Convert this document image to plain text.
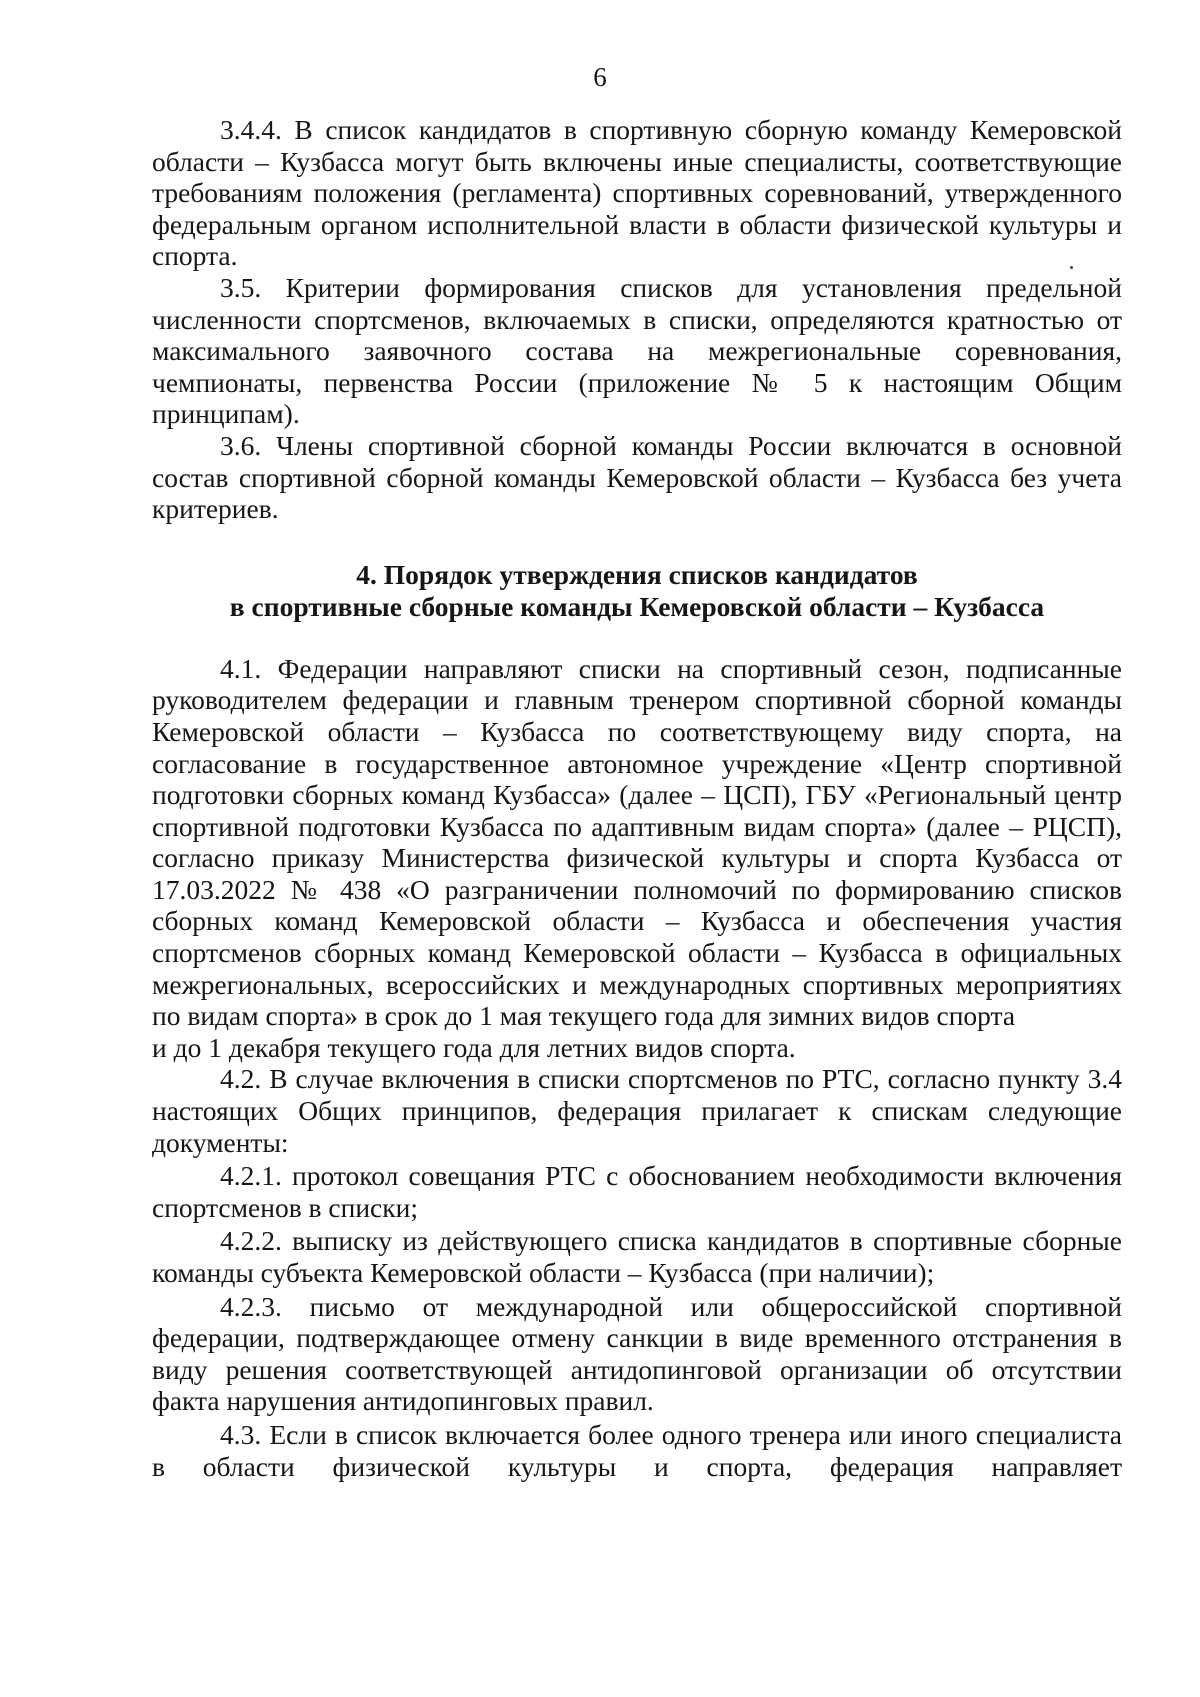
6

3.4.4. В список кандидатов в спортивную сборную команду Кемеровской области – Кузбасса могут быть включены иные специалисты, соответствующие требованиям положения (регламента) спортивных соревнований, утвержденного федеральным органом исполнительной власти в области физической культуры и спорта.

3.5. Критерии формирования списков для установления предельной численности спортсменов, включаемых в списки, определяются кратностью от максимального заявочного состава на межрегиональные соревнования, чемпионаты, первенства России (приложение № 5 к настоящим Общим принципам).

3.6. Члены спортивной сборной команды России включатся в основной состав спортивной сборной команды Кемеровской области – Кузбасса без учета критериев.

4. Порядок утверждения списков кандидатов
в спортивные сборные команды Кемеровской области – Кузбасса

4.1. Федерации направляют списки на спортивный сезон, подписанные руководителем федерации и главным тренером спортивной сборной команды Кемеровской области – Кузбасса по соответствующему виду спорта, на согласование в государственное автономное учреждение «Центр спортивной подготовки сборных команд Кузбасса» (далее – ЦСП), ГБУ «Региональный центр спортивной подготовки Кузбасса по адаптивным видам спорта» (далее – РЦСП), согласно приказу Министерства физической культуры и спорта Кузбасса от 17.03.2022 № 438 «О разграничении полномочий по формированию списков сборных команд Кемеровской области – Кузбасса и обеспечения участия спортсменов сборных команд Кемеровской области – Кузбасса в официальных межрегиональных, всероссийских и международных спортивных мероприятиях по видам спорта» в срок до 1 мая текущего года для зимних видов спорта

и до 1 декабря текущего года для летних видов спорта.

4.2. В случае включения в списки спортсменов по РТС, согласно пункту 3.4 настоящих Общих принципов, федерация прилагает к спискам следующие документы:

4.2.1. протокол совещания РТС с обоснованием необходимости включения спортсменов в списки;

4.2.2. выписку из действующего списка кандидатов в спортивные сборные команды субъекта Кемеровской области – Кузбасса (при наличии);

4.2.3. письмо от международной или общероссийской спортивной федерации, подтверждающее отмену санкции в виде временного отстранения в виду решения соответствующей антидопинговой организации об отсутствии факта нарушения антидопинговых правил.

4.3. Если в список включается более одного тренера или иного специалиста в области физической культуры и спорта, федерация направляет
